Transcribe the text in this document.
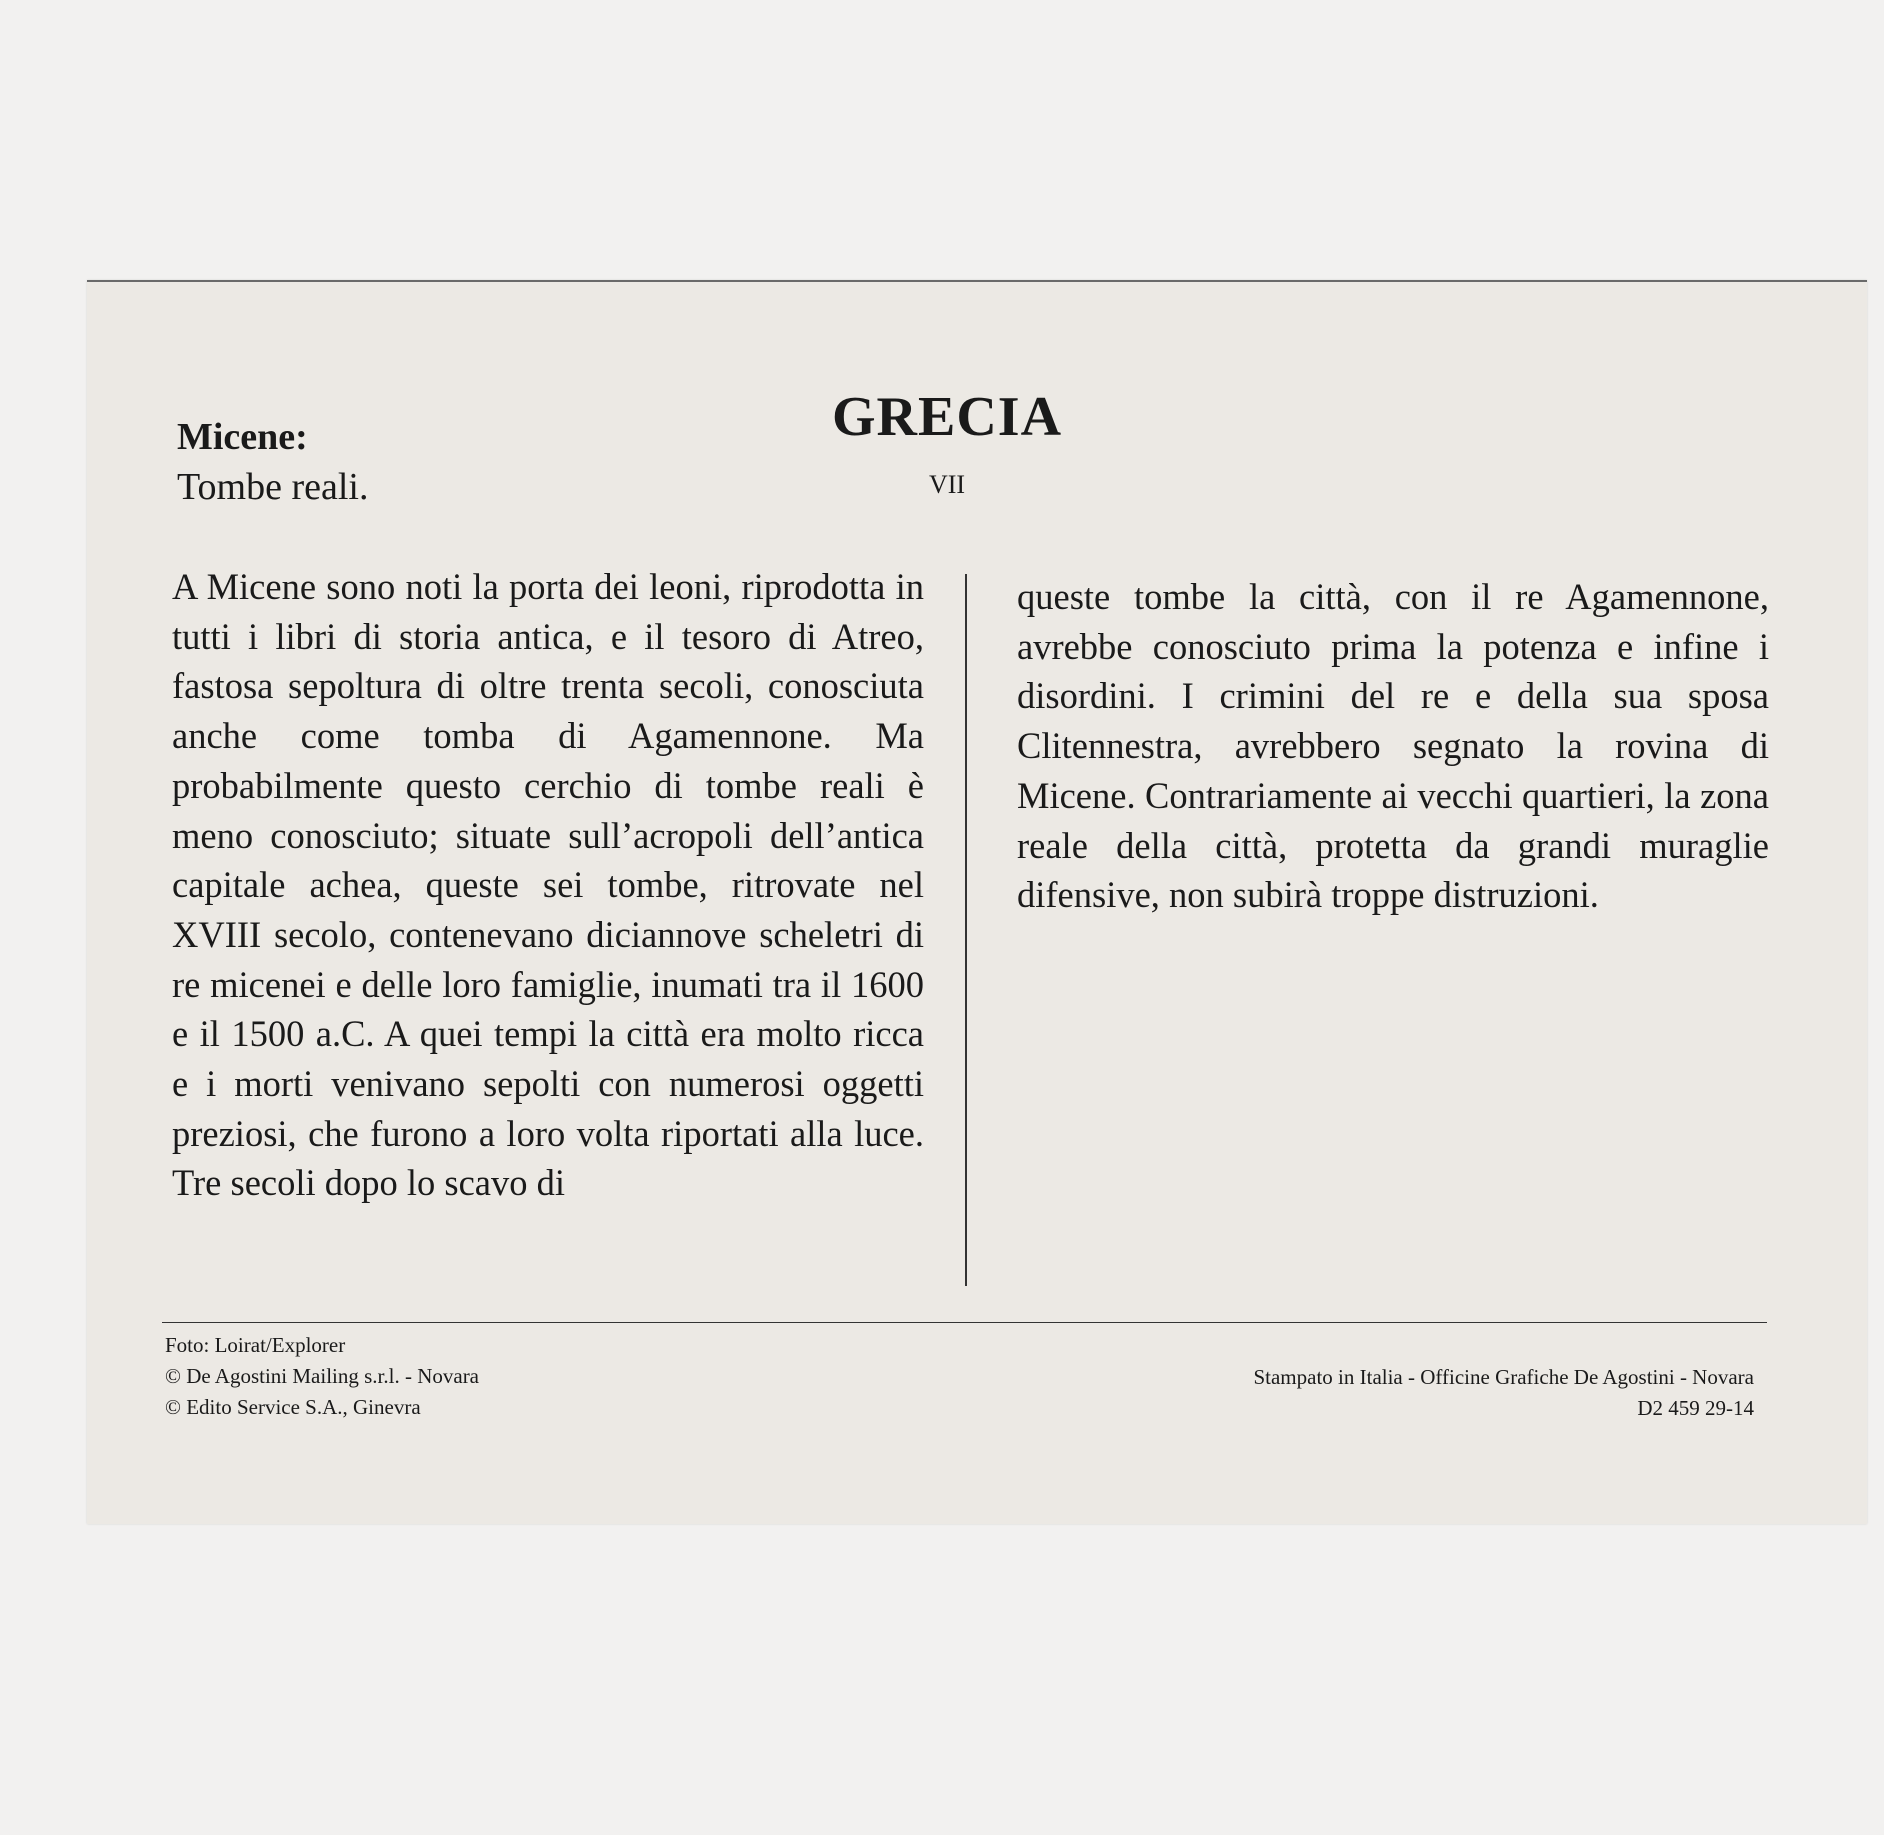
Micene:
Tombe reali.
GRECIA
VII
A Micene sono noti la porta dei leoni, riprodotta in tutti i libri di storia antica, e il tesoro di Atreo, fastosa sepoltura di oltre trenta secoli, conosciuta anche come tomba di Agamennone. Ma probabilmente questo cerchio di tombe reali è meno conosciuto; situate sull’acropoli dell’antica capitale achea, queste sei tombe, ritrovate nel XVIII secolo, contenevano diciannove scheletri di re micenei e delle loro famiglie, inumati tra il 1600 e il 1500 a.C. A quei tempi la città era molto ricca e i morti venivano sepolti con numerosi oggetti preziosi, che furono a loro volta riportati alla luce. Tre secoli dopo lo scavo di
queste tombe la città, con il re Agamennone, avrebbe conosciuto prima la potenza e infine i disordini. I crimini del re e della sua sposa Clitennestra, avrebbero segnato la rovina di Micene. Contrariamente ai vecchi quartieri, la zona reale della città, protetta da grandi muraglie difensive, non subirà troppe distruzioni.
Foto: Loirat/Explorer
© De Agostini Mailing s.r.l. - Novara
© Edito Service S.A., Ginevra
Stampato in Italia - Officine Grafiche De Agostini - Novara
D2 459 29-14
